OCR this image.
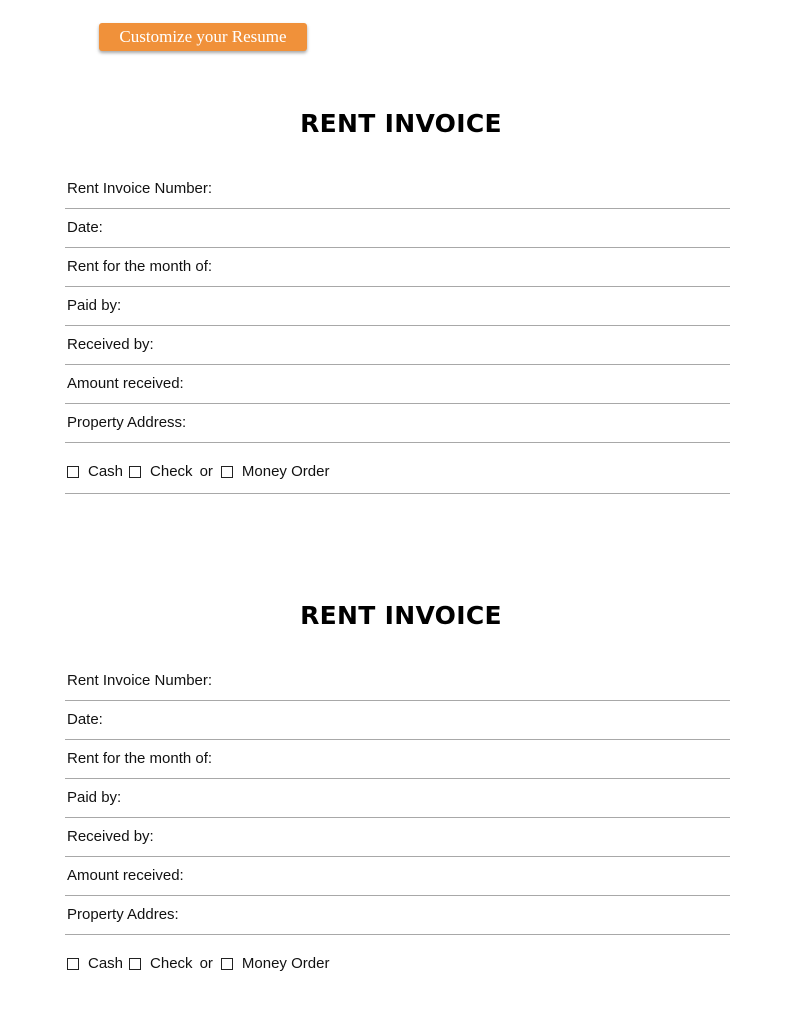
Customize your Resume
RENT INVOICE
Rent Invoice Number:
Date:
Rent for the month of:
Paid by:
Received by:
Amount received:
Property Address:
Cash Check or Money Order
RENT INVOICE
Rent Invoice Number:
Date:
Rent for the month of:
Paid by:
Received by:
Amount received:
Property Addres:
Cash Check or Money Order
